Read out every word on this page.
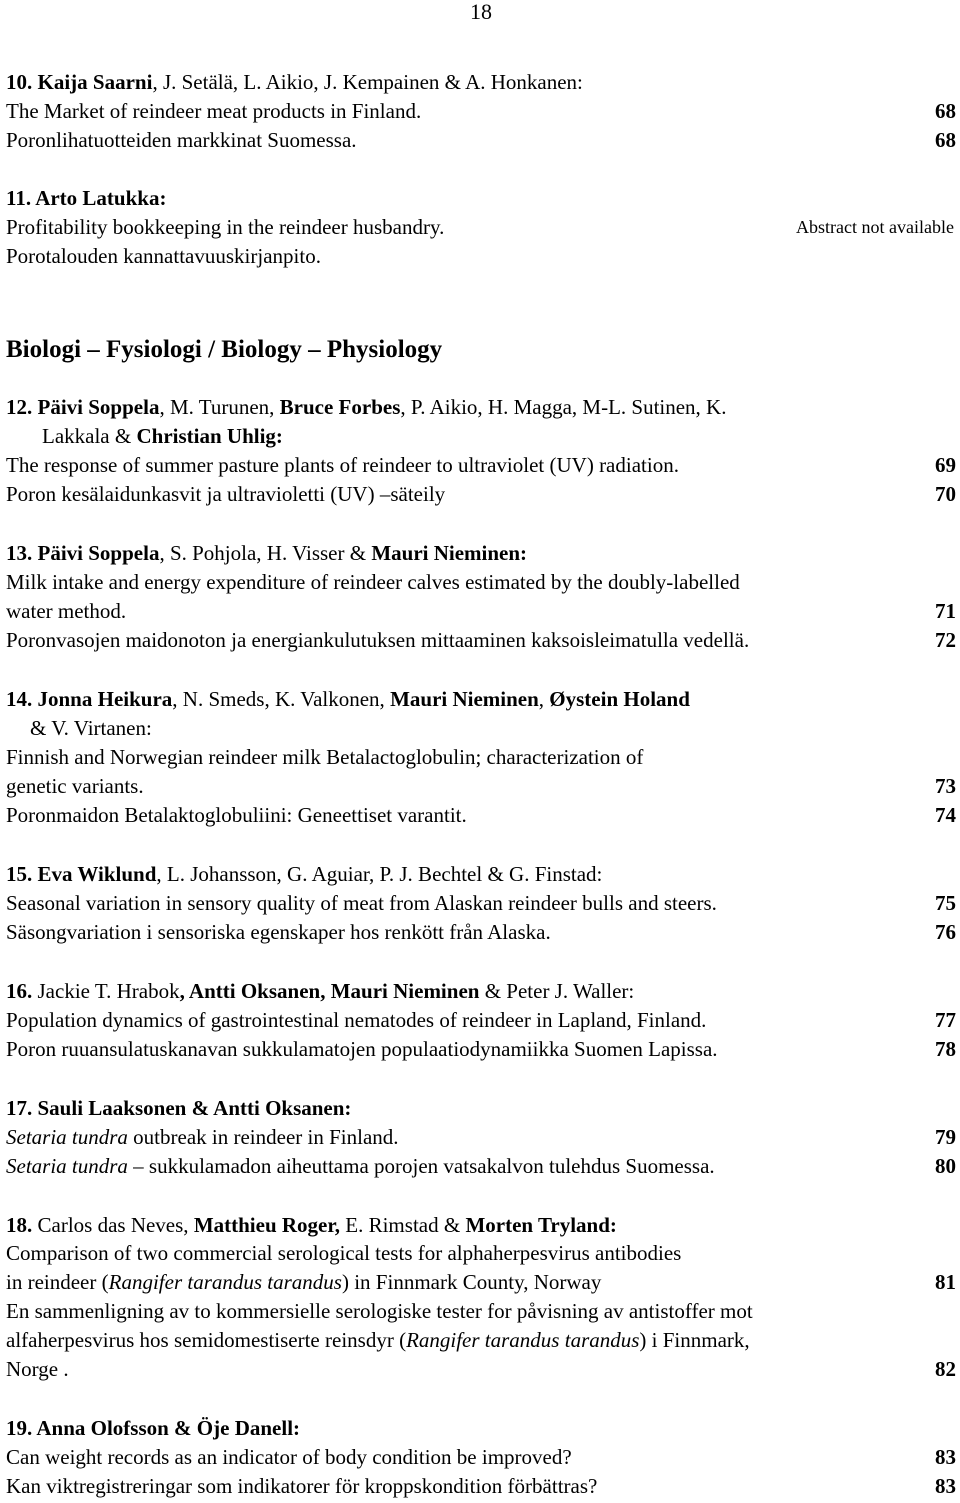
18
10. Kaija Saarni, J. Setälä, L. Aikio, J. Kempainen & A. Honkanen:
The Market of reindeer meat products in Finland.	68
Poronlihatuotteiden markkinat Suomessa.	68
11. Arto Latukka:
Profitability bookkeeping in the reindeer husbandry.
Porotalouden kannattavuuskirjanpito.
Abstract not available
12. Päivi Soppela, M. Turunen, Bruce Forbes, P. Aikio, H. Magga, M-L. Sutinen, K.
Lakkala & Christian Uhlig:
The response of summer pasture plants of reindeer to ultraviolet (UV) radiation.	69
Poron kesälaidunkasvit ja ultravioletti (UV) –säteily	70
13. Päivi Soppela, S. Pohjola, H. Visser & Mauri Nieminen:
Milk intake and energy expenditure of reindeer calves estimated by the doubly-labelled
water method.	71
Poronvasojen maidonoton ja energiankulutuksen mittaaminen kaksoisleimatulla vedellä.	72
14. Jonna Heikura, N. Smeds, K. Valkonen, Mauri Nieminen, Øystein Holand
& V. Virtanen:
Finnish and Norwegian reindeer milk Betalactoglobulin; characterization of
genetic variants.	73
Poronmaidon Betalaktoglobuliini: Geneettiset varantit.	74
15. Eva Wiklund, L. Johansson, G. Aguiar, P. J. Bechtel & G. Finstad:
Seasonal variation in sensory quality of meat from Alaskan reindeer bulls and steers.	75
Säsongvariation i sensoriska egenskaper hos renkött från Alaska.	76
16. Jackie T. Hrabok, Antti Oksanen, Mauri Nieminen & Peter J. Waller:
Population dynamics of gastrointestinal nematodes of reindeer in Lapland, Finland.	77
Poron ruuansulatuskanavan sukkulamatojen populaatiodynamiikka Suomen Lapissa.	78
17. Sauli Laaksonen & Antti Oksanen:
Setaria tundra outbreak in reindeer in Finland.	79
Setaria tundra – sukkulamadon aiheuttama porojen vatsakalvon tulehdus Suomessa.	80
18. Carlos das Neves, Matthieu Roger, E. Rimstad & Morten Tryland:
Comparison of two commercial serological tests for alphaherpesvirus antibodies
in reindeer (Rangifer tarandus tarandus) in Finnmark County, Norway	81
En sammenligning av to kommersielle serologiske tester for påvisning av antistoffer mot
alfaherpesvirus hos semidomestiserte reinsdyr (Rangifer tarandus tarandus) i Finnmark,
Norge .	82
19. Anna Olofsson & Öje Danell:
Can weight records as an indicator of body condition be improved?	83
Kan viktregistreringar som indikatorer för kroppskondition förbättras?	83
Biologi – Fysiologi / Biology – Physiology
